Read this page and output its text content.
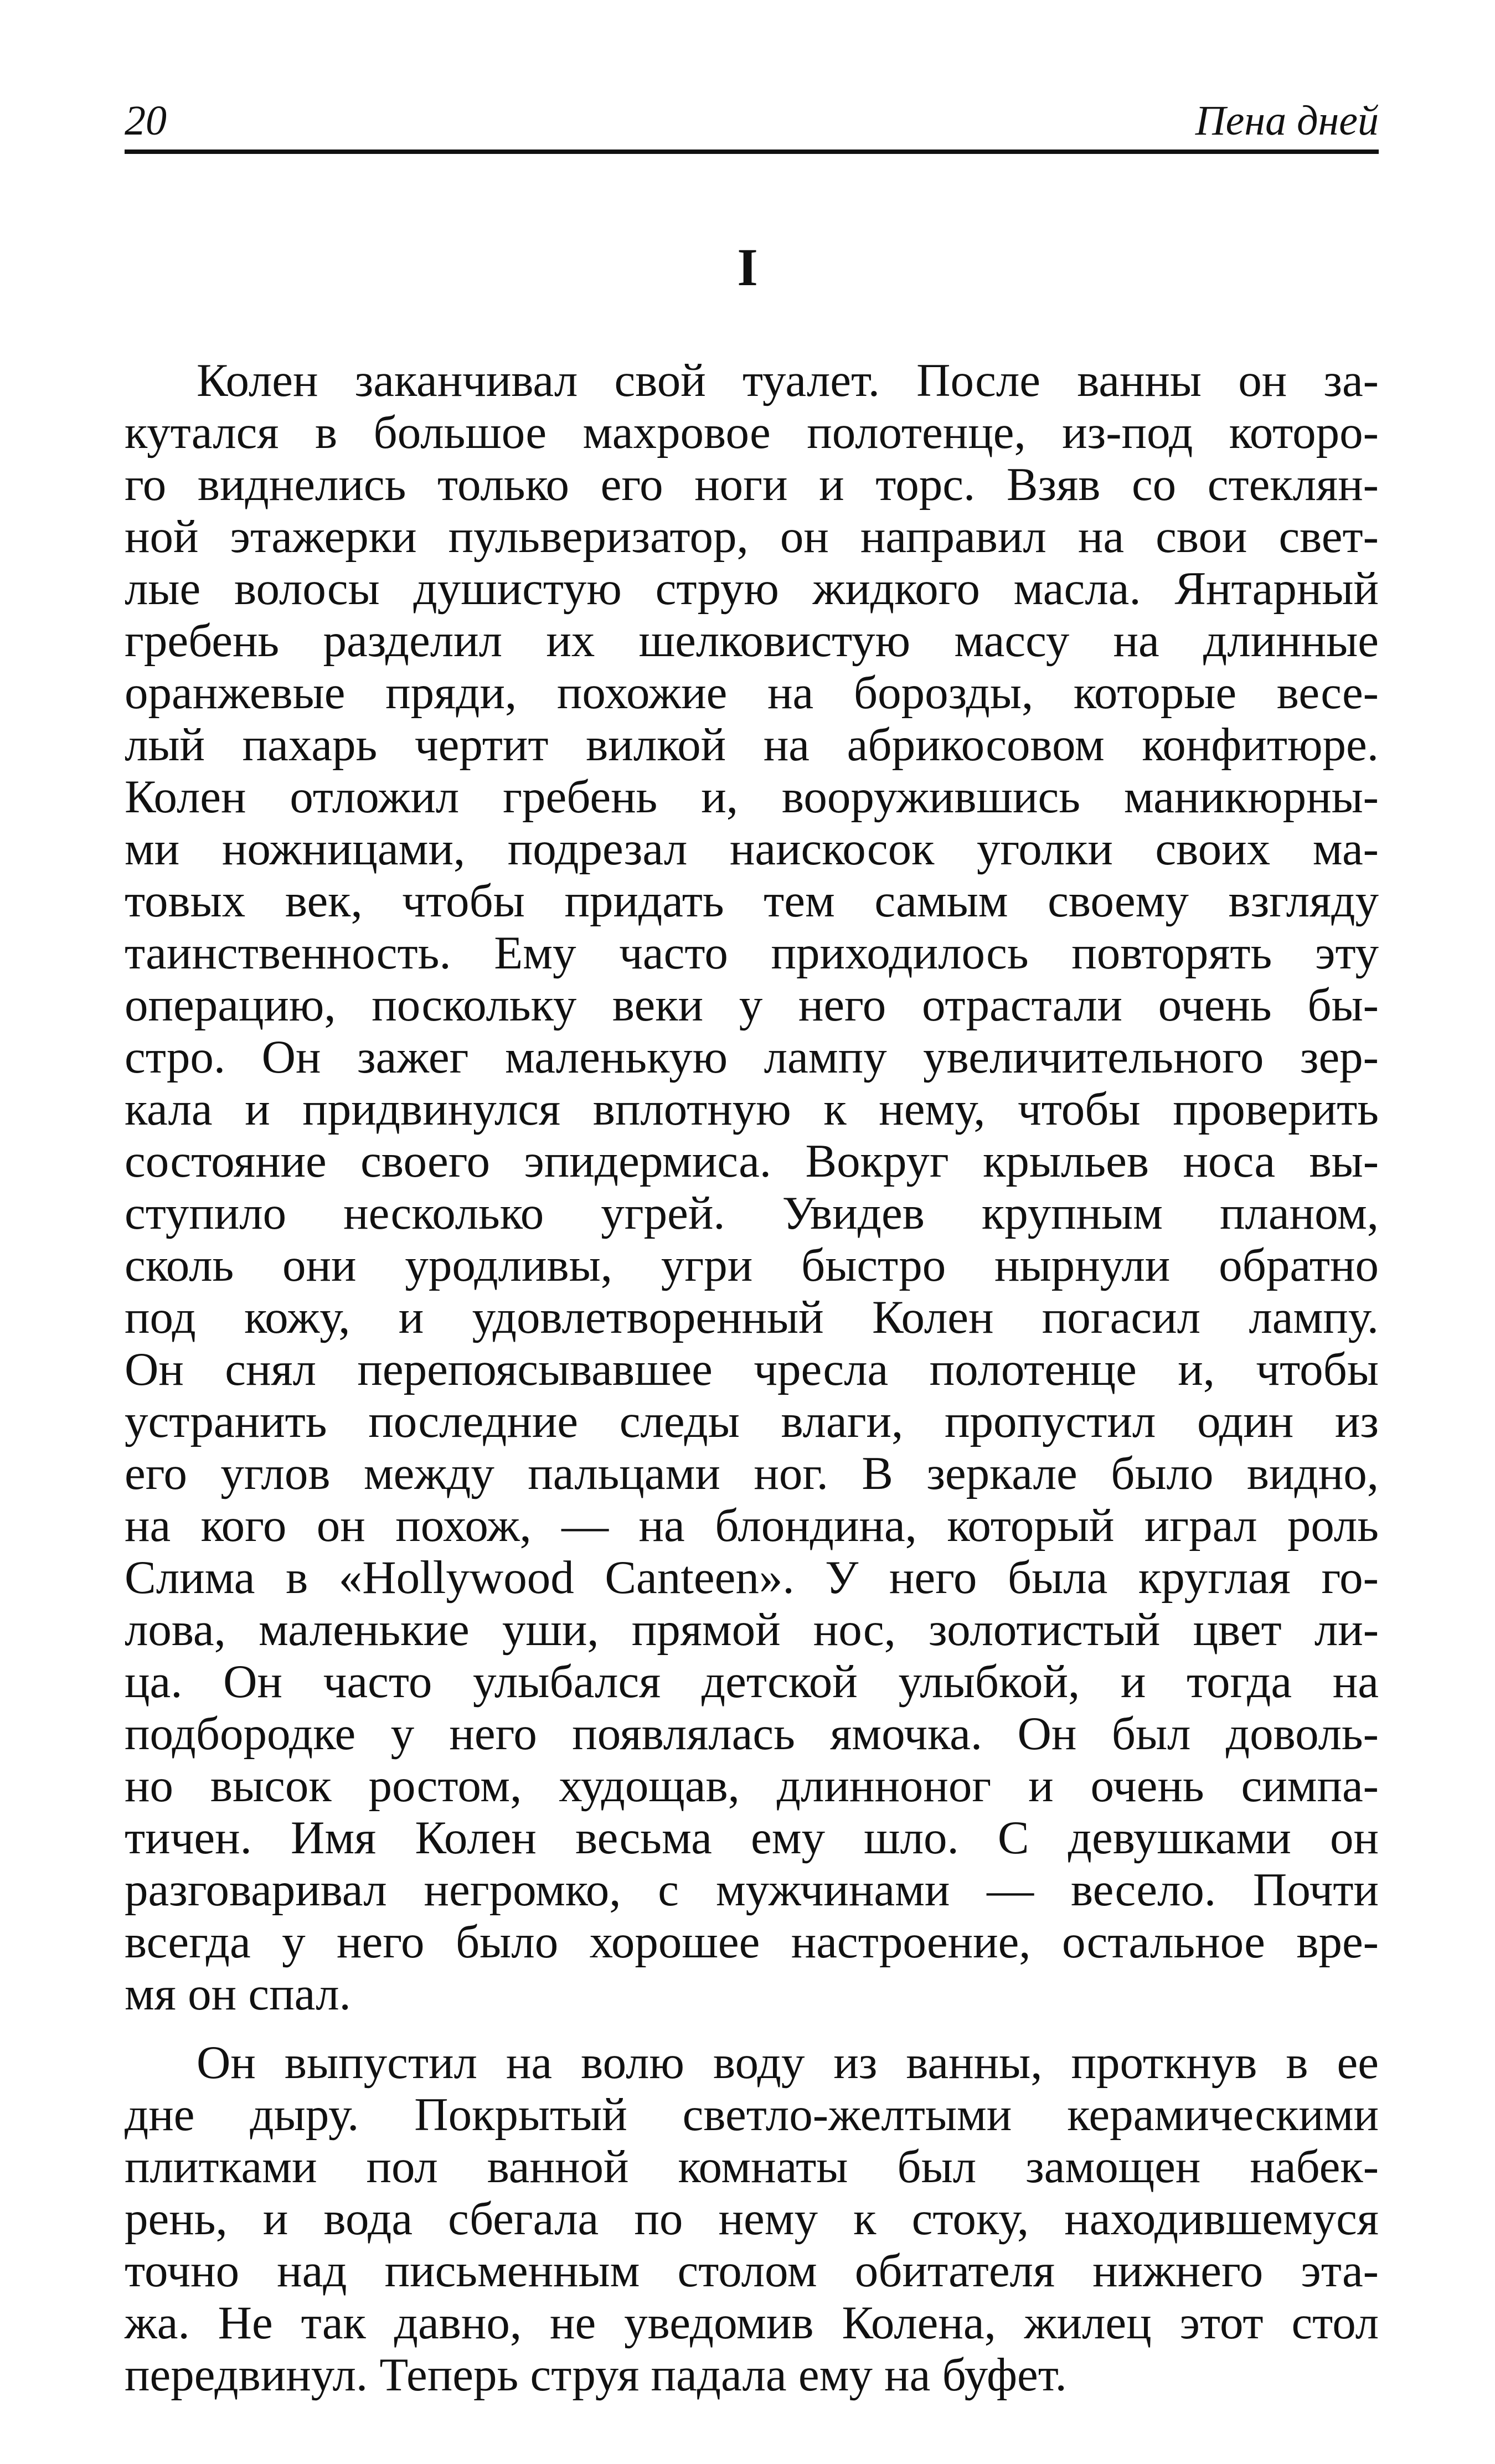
20	Пена дней
I
Колен заканчивал свой туалет. После ванны он за-
кутался в большое махровое полотенце, из-под которо-
го виднелись только его ноги и торс. Взяв со стеклян-
ной этажерки пульверизатор, он направил на свои свет-
лые волосы душистую струю жидкого масла. Янтарный
гребень разделил их шелковистую массу на длинные
оранжевые пряди, похожие на борозды, которые весе-
лый пахарь чертит вилкой на абрикосовом конфитюре.
Колен отложил гребень и, вооружившись маникюрны-
ми ножницами, подрезал наискосок уголки своих ма-
товых век, чтобы придать тем самым своему взгляду
таинственность. Ему часто приходилось повторять эту
операцию, поскольку веки у него отрастали очень бы-
стро. Он зажег маленькую лампу увеличительного зер-
кала и придвинулся вплотную к нему, чтобы проверить
состояние своего эпидермиса. Вокруг крыльев носа вы-
ступило несколько угрей. Увидев крупным планом,
сколь они уродливы, угри быстро нырнули обратно
под кожу, и удовлетворенный Колен погасил лампу.
Он снял перепоясывавшее чресла полотенце и, чтобы
устранить последние следы влаги, пропустил один из
его углов между пальцами ног. В зеркале было видно,
на кого он похож, — на блондина, который играл роль
Слима в «Hollywood Canteen». У него была круглая го-
лова, маленькие уши, прямой нос, золотистый цвет ли-
ца. Он часто улыбался детской улыбкой, и тогда на
подбородке у него появлялась ямочка. Он был доволь-
но высок ростом, худощав, длинноног и очень симпа-
тичен. Имя Колен весьма ему шло. С девушками он
разговаривал негромко, с мужчинами — весело. Почти
всегда у него было хорошее настроение, остальное вре-
мя он спал.
Он выпустил на волю воду из ванны, проткнув в ее
дне дыру. Покрытый светло-желтыми керамическими
плитками пол ванной комнаты был замощен набек-
рень, и вода сбегала по нему к стоку, находившемуся
точно над письменным столом обитателя нижнего эта-
жа. Не так давно, не уведомив Колена, жилец этот стол
передвинул. Теперь струя падала ему на буфет.
